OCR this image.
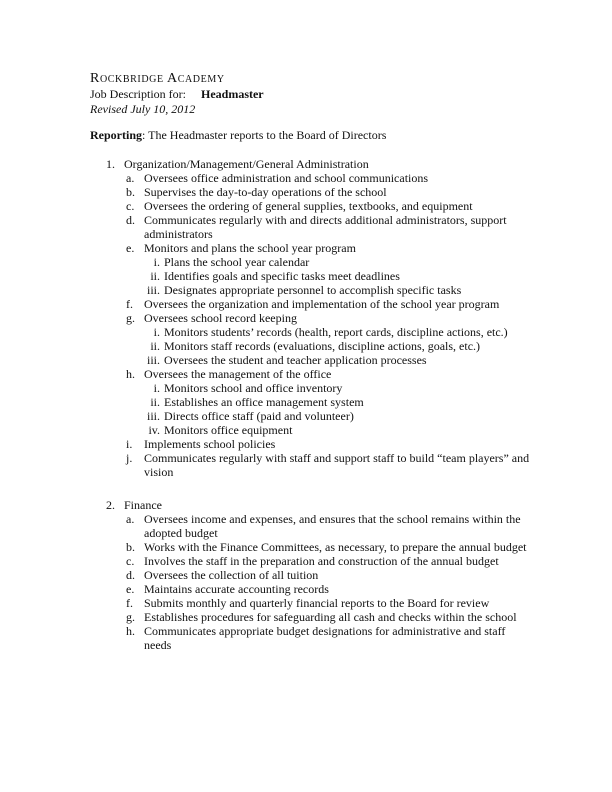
Rockbridge Academy
Job Description for: Headmaster
Revised July 10, 2012
Reporting: The Headmaster reports to the Board of Directors
1. Organization/Management/General Administration
a. Oversees office administration and school communications
b. Supervises the day-to-day operations of the school
c. Oversees the ordering of general supplies, textbooks, and equipment
d. Communicates regularly with and directs additional administrators, support administrators
e. Monitors and plans the school year program
i. Plans the school year calendar
ii. Identifies goals and specific tasks meet deadlines
iii. Designates appropriate personnel to accomplish specific tasks
f. Oversees the organization and implementation of the school year program
g. Oversees school record keeping
i. Monitors students’ records (health, report cards, discipline actions, etc.)
ii. Monitors staff records (evaluations, discipline actions, goals, etc.)
iii. Oversees the student and teacher application processes
h. Oversees the management of the office
i. Monitors school and office inventory
ii. Establishes an office management system
iii. Directs office staff (paid and volunteer)
iv. Monitors office equipment
i. Implements school policies
j. Communicates regularly with staff and support staff to build “team players” and vision
2. Finance
a. Oversees income and expenses, and ensures that the school remains within the adopted budget
b. Works with the Finance Committees, as necessary, to prepare the annual budget
c. Involves the staff in the preparation and construction of the annual budget
d. Oversees the collection of all tuition
e. Maintains accurate accounting records
f. Submits monthly and quarterly financial reports to the Board for review
g. Establishes procedures for safeguarding all cash and checks within the school
h. Communicates appropriate budget designations for administrative and staff needs
